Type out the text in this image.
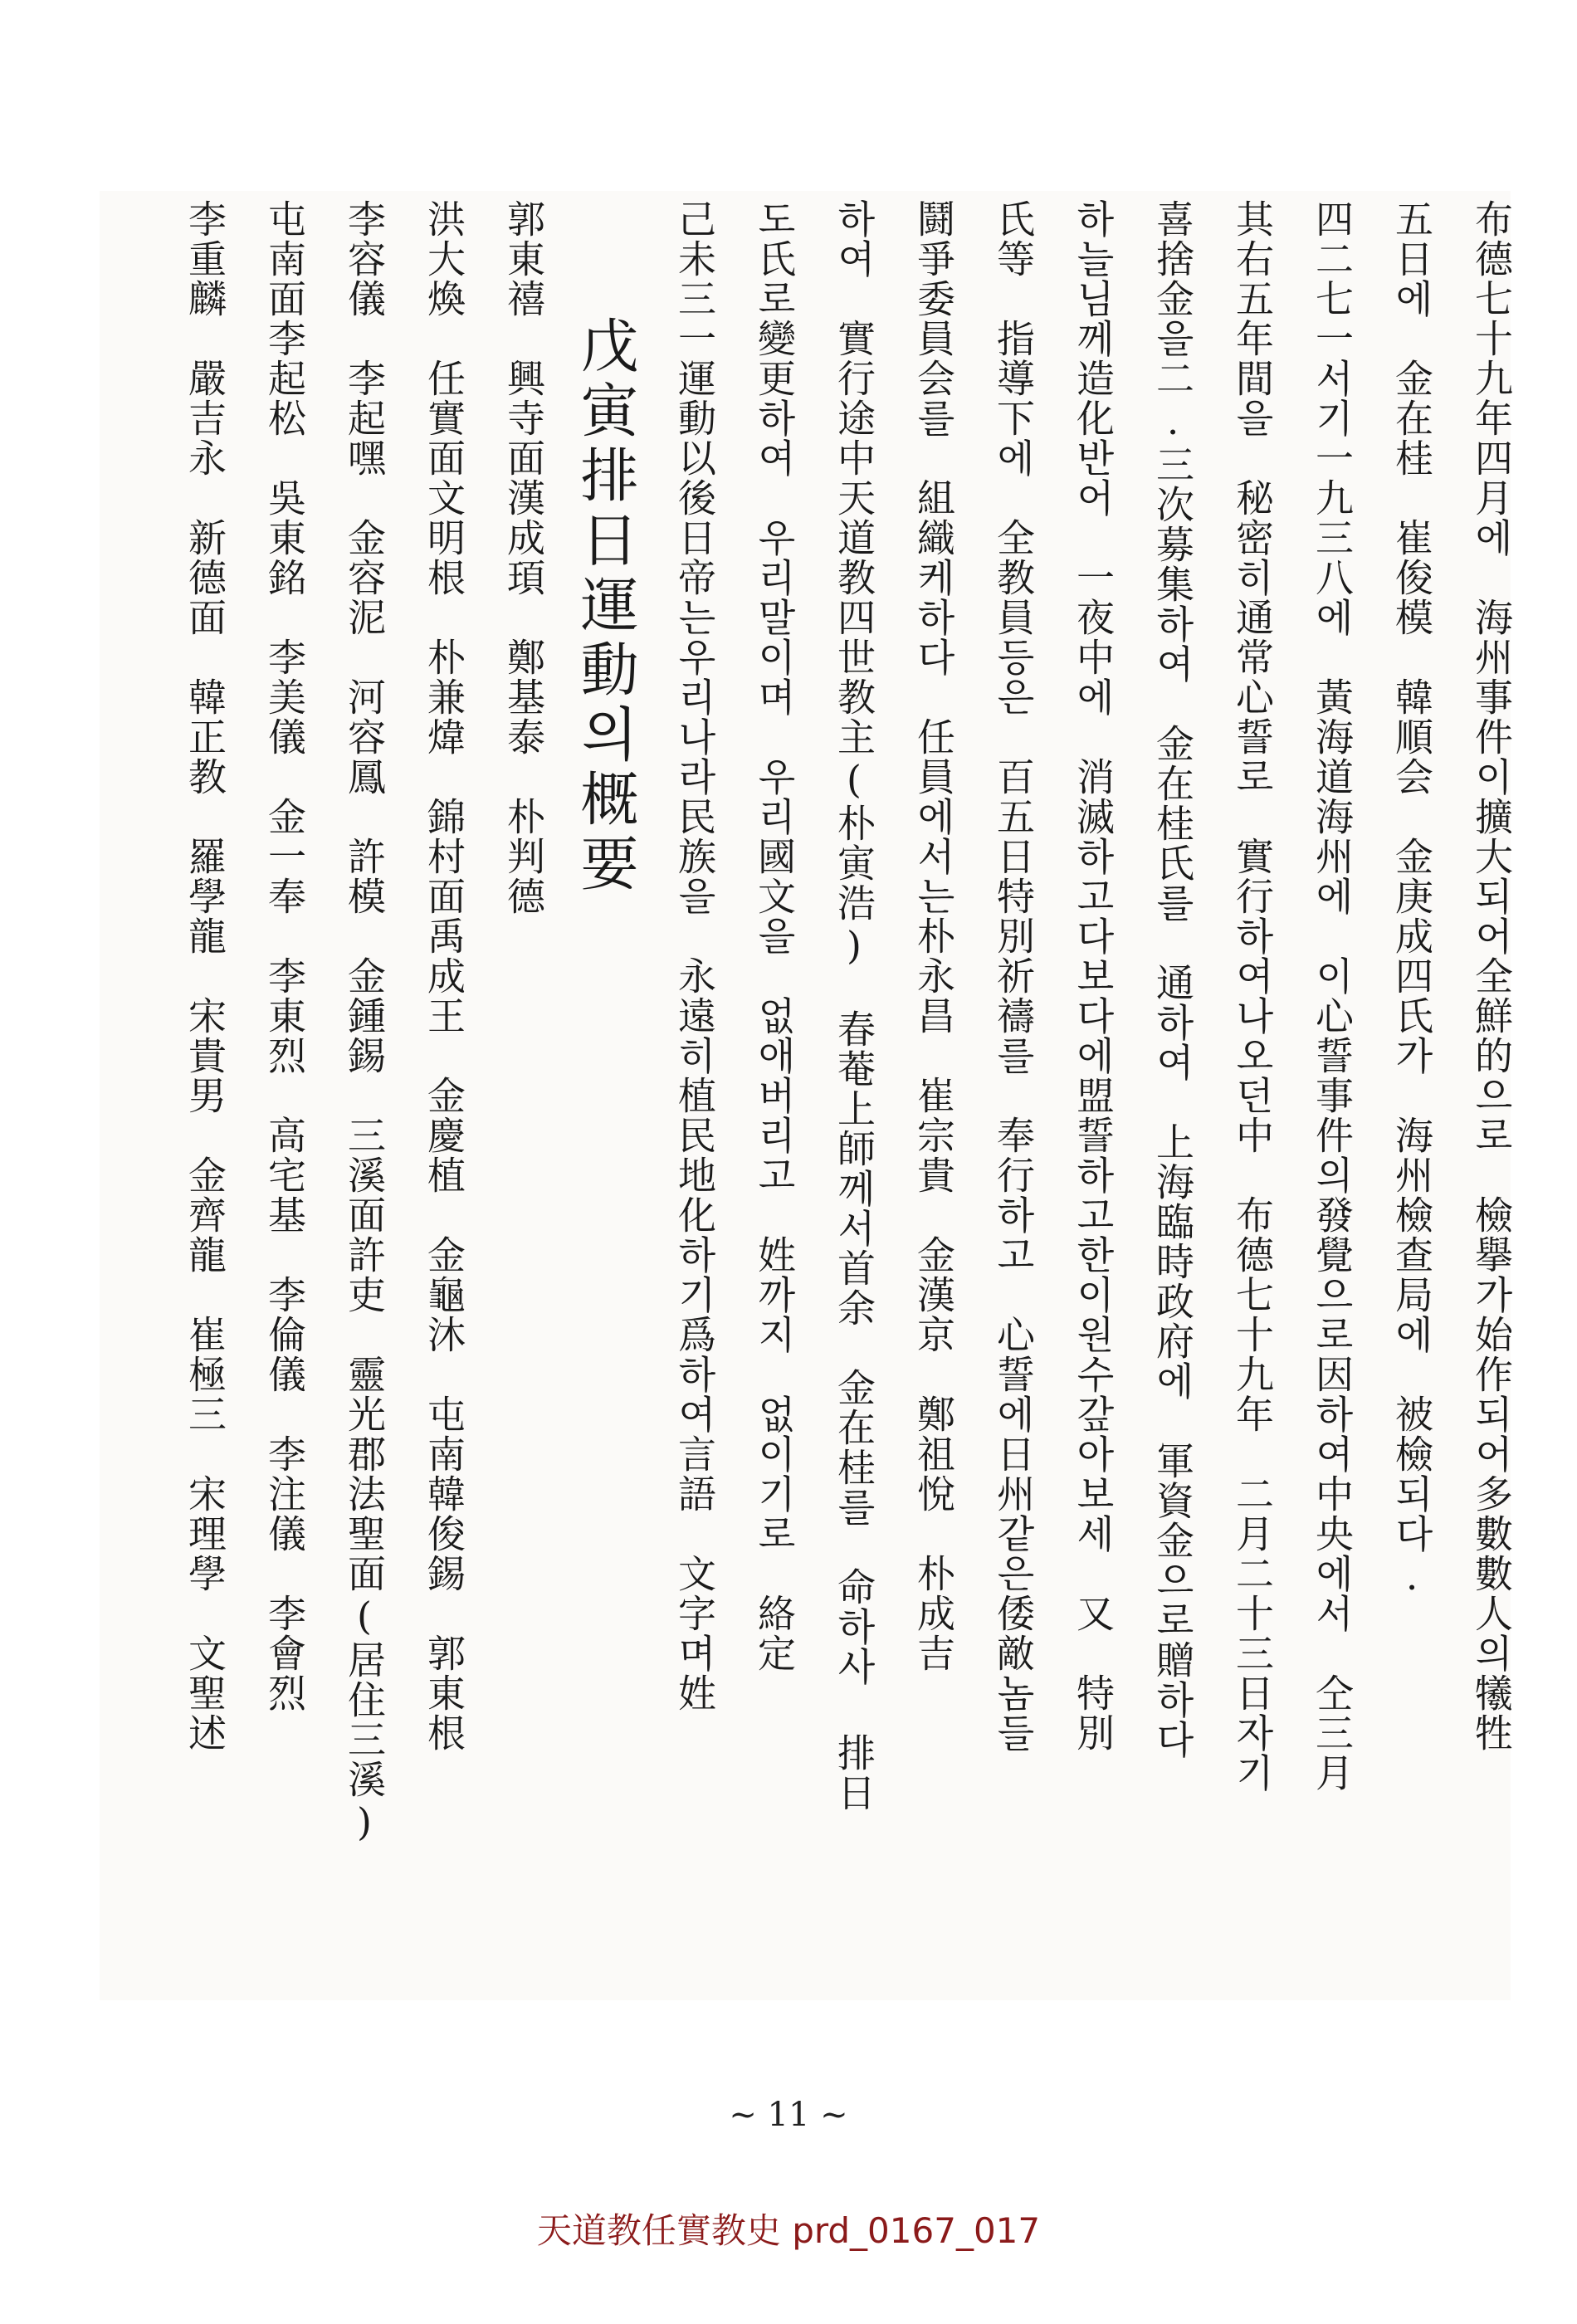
布德七十九年四月에　海州事件이擴大되어全鮮的으로　檢擧가始作되어多數數人의犧牲
五日에　金在桂　崔俊模　韓順会　金庚成四氏가　海州檢查局에　被檢되다.
四二七一서기一九三八에　黃海道海州에　이心誓事件의發覺으로因하여中央에서　仝三月
其右五年間을　秘密히通常心誓로　實行하여나오던中　布德七十九年　二月二十三日자기
喜捨金을二.三次募集하여　金在桂氏를　通하여　上海臨時政府에　軍資金으로贈하다
하늘님께造化반어　一夜中에　消滅하고다보다에盟誓하고한이원수갚아보세　又　特別
氏等　指導下에　全教員등은　百五日特別祈禱를　奉行하고　心誓에日州같은倭敵놈들
鬪爭委員会를　組織케하다　任員에서는朴永昌　崔宗貴　金漢京　鄭祖悅　朴成吉
하여　實行途中天道教四世教主(朴寅浩)　春菴上師께서首余　金在桂를　命하사 排日
도氏로變更하여　우리말이며　우리國文을　없애버리고　姓까지　없이기로　絡定
己未三一運動以後日帝는우리나라民族을　永遠히植民地化하기爲하여言語　文字며姓
戊寅排日運動의概要
郭東禧　興寺面漢成頊　鄭基泰　朴判德
洪大煥　任實面文明根　朴兼煒　錦村面禹成王　金慶植　金龜沐　屯南韓俊錫　郭東根
李容儀　李起嘿　金容泥　河容鳳　許模　金鍾錫　三溪面許吏　靈光郡法聖面(居住三溪)
屯南面李起松　吳東銘　李美儀　金一奉　李東烈　高宅基　李倫儀　李注儀　李會烈
李重麟　嚴吉永　新德面　韓正教　羅學龍　宋貴男　金齊龍　崔極三　宋理學　文聖述
~ 11 ~
天道教任實教史 prd_0167_017
